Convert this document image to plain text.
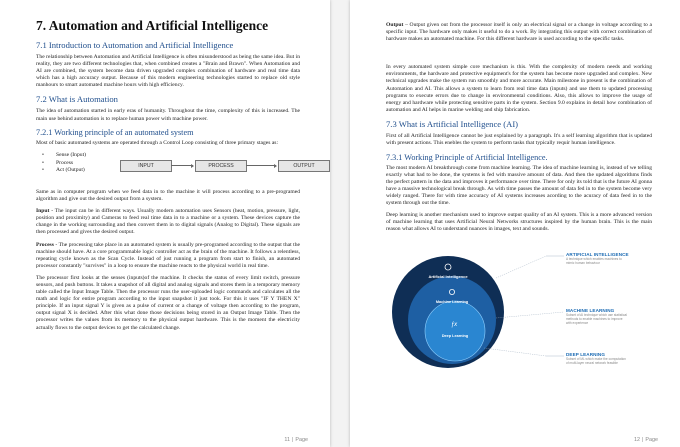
7. Automation and Artificial Intelligence
7.1 Introduction to Automation and Artificial Intelligence

The relationship between Automation and Artificial Intelligence is often misunderstood as being the same idea. But in reality, they are two different technologies that, when combined creates a "Brain and Brawn". When Automation and AI are combined, the system become data driven upgraded complex combination of hardware and real time data which has a high accuracy output. Because of this modern engineering technologies started to replace old style manhours to smart automated machine hours with high efficiency.

7.2 What is Automation

The idea of automation started in early eras of humanity. Throughout the time, complexity of this is increased. The main use behind automation is to replace human power with machine power.

7.2.1 Working principle of an automated system

Most of basic automated systems are operated through a Control Loop consisting of three primary stages as:

• Sense (Input)
• Process
• Act (Output)
INPUT	PROCESS	OUTPUT

Same as in computer program when we feed data in to the machine it will process according to a pre-programed algorithm and give out the desired output from a system.

Input - The input can be in different ways. Usually modern automation uses Sensors (heat, motion, pressure, light, position and proximity) and Cameras to feed real time data in to a machine or a system. These devices capture the change in the working surrounding and then convert them in to digital signals (Analog to Digital). These signals are then processed and gives the desired output.

Process - The processing take place in an automated system is usually pre-programed according to the output that the machine should have. At a core programmable logic controller act as the brain of the machine. It follows a relentless, repeating cycle known as the Scan Cycle. Instead of just running a program from start to finish, an automated processor constantly "survives" in a loop to ensure the machine reacts to the physical world in real time.

The processor first looks at the senses (inputs)of the machine. It checks the status of every limit switch, pressure sensors, and push buttons. It takes a snapshot of all digital and analog signals and stores them in a temporary memory table called the Input Image Table. Then the processor runs the user-uploaded logic commands and calculates all the math and logic for entire program according to the input snapshot it just took. For this it uses "IF Y THEN X" principle. If an input signal Y is given as a pulse of current or a change of voltage then according to the program, output signal X is decided. After this what done those decisions being stored in an Output Image Table. Then the processor writes the values from its memory to the physical output hardware. This is the moment the electricity actually flows to the output devices to get the calculated change.

11 | Page

Output – Output given out from the processor itself is only an electrical signal or a change in voltage according to a specific input. The hardware only makes it useful to do a work. By integrating this output with correct combination of hardware makes an automated machine. For this different hardware is used according to the specific tasks.

In every automated system simple core mechanism is this. With the complexity of modern needs and working environments, the hardware and protective equipment's for the system has become more upgraded and complex. New technical upgrades make the system run smoothly and more accurate. Main milestone in present is the combination of Automation and AI. This allows a system to learn from real time data (inputs) and use them to updated processing programs to execute errors due to change in environmental conditions. Also, this allows to improve the usage of energy and hardware while protecting sensitive parts in the system. Section 9.0 explains in detail how combination of automation and AI helps in marine welding and ship fabrication.

7.3 What is Artificial Intelligence (AI)

First of all Artificial Intelligence cannot be just explained by a paragraph. It's a self learning algorithm that is updated with present actions. This enebles the system to perform tasks that typically requir human intelligence.

7.3.1 Working Principle of Artificial Intelligence.

The most modern AI breakthrough come from machine learning. The idea of machine learning is, instead of we telling exactly what had to be done, the systems is fed with massive amount of data. And then the updated algorithms finds the perfect pattern in the data and improves it performance over time. There for only its told that is the future AI gonna have a massive technological break through. As with time passes the amount of data fed in to the system become very widely ranged. There for with time accuracy of AI systems increases acording to the acuracy of data feed in to the system through out the time.

Deep learning is another mechanism used to improve output quality of an AI system. This is a more advanced version of machine learning that uses Artificial Neural Networks structures inspired by the human brain. This is the main reason what allows AI to understand nuances in images, text and sounds.

ƒx
Artificial Intelligence
Machine Learning
Deep Learning
ARTIFICIAL INTELLIGENCE
A technique which enables machines to mimic human behaviour
MACHINE LEARNING
Subset of AI technique which use statistical methods to enable machines to improve with experience
DEEP LEARNING
Subset of ML which make the computation of multi-layer neural network feasible
12 | Page
